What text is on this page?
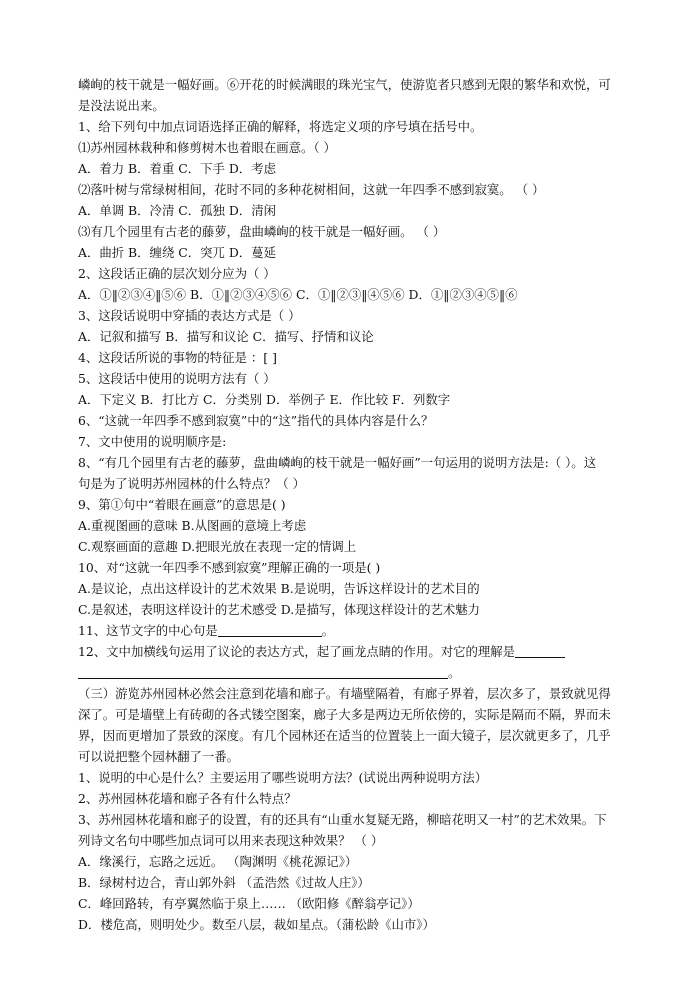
嶙峋的枝干就是一幅好画。⑥开花的时候满眼的珠光宝气，使游览者只感到无限的繁华和欢悦，可
是没法说出来。
1、给下列句中加点词语选择正确的解释，将选定义项的序号填在括号中。
⑴苏州园林栽种和修剪树木也着眼在画意。（ ）
A．着力 B．着重 C．下手 D．考虑
⑵落叶树与常绿树相间，花时不同的多种花树相间，这就一年四季不感到寂寞。 （ ）
A．单调 B．冷清 C．孤独 D．清闲
⑶有几个园里有古老的藤萝，盘曲嶙峋的枝干就是一幅好画。 （ ）
A．曲折 B．缠绕 C．突兀 D．蔓延
2、这段话正确的层次划分应为（ ）
A．①‖②③④‖⑤⑥ B．①‖②③④⑤⑥ C．①‖②③‖④⑤⑥ D．①‖②③④⑤‖⑥
3、这段话说明中穿插的表达方式是（ ）
A．记叙和描写 B．描写和议论 C．描写、抒情和议论
4、这段话所说的事物的特征是 ：[ ]
5、这段话中使用的说明方法有（ ）
A．下定义 B．打比方 C．分类别 D．举例子 E．作比较 F．列数字
6、“这就一年四季不感到寂寞”中的“这”指代的具体内容是什么？
7、文中使用的说明顺序是:
8、“有几个园里有古老的藤萝，盘曲嶙峋的枝干就是一幅好画”一句运用的说明方法是:（ ）。这
句是为了说明苏州园林的什么特点？（ ）
9、第①句中“着眼在画意”的意思是( )
A.重视图画的意味 B.从图画的意境上考虑
C.观察画面的意趣 D.把眼光放在表现一定的情调上
10、对“这就一年四季不感到寂寞”理解正确的一项是( )
A.是议论，点出这样设计的艺术效果 B.是说明，告诉这样设计的艺术目的
C.是叙述，表明这样设计的艺术感受 D.是描写，体现这样设计的艺术魅力
11、这节文字的中心句是	。
12、文中加横线句运用了议论的表达方式，起了画龙点睛的作用。对它的理解是
。
（三）游览苏州园林必然会注意到花墙和廊子。有墙壁隔着，有廊子界着，层次多了，景致就见得
深了。可是墙壁上有砖砌的各式镂空图案，廊子大多是两边无所依傍的，实际是隔而不隔，界而未
界，因而更增加了景致的深度。有几个园林还在适当的位置装上一面大镜子，层次就更多了，几乎
可以说把整个园林翻了一番。
1、说明的中心是什么？主要运用了哪些说明方法？(试说出两种说明方法）
2、苏州园林花墙和廊子各有什么特点？
3、苏州园林花墙和廊子的设置，有的还具有“山重水复疑无路，柳暗花明又一村”的艺术效果。下
列诗文名句中哪些加点词可以用来表现这种效果？ （ ）
A．缘溪行，忘路之远近。 （陶渊明《桃花源记》）
B．绿树村边合，青山郭外斜 （孟浩然《过故人庄》）
C．峰回路转，有亭翼然临于泉上…… （欧阳修《醉翁亭记》）
D．楼危高，则明处少。数至八层，裁如星点。（蒲松龄《山市》）
